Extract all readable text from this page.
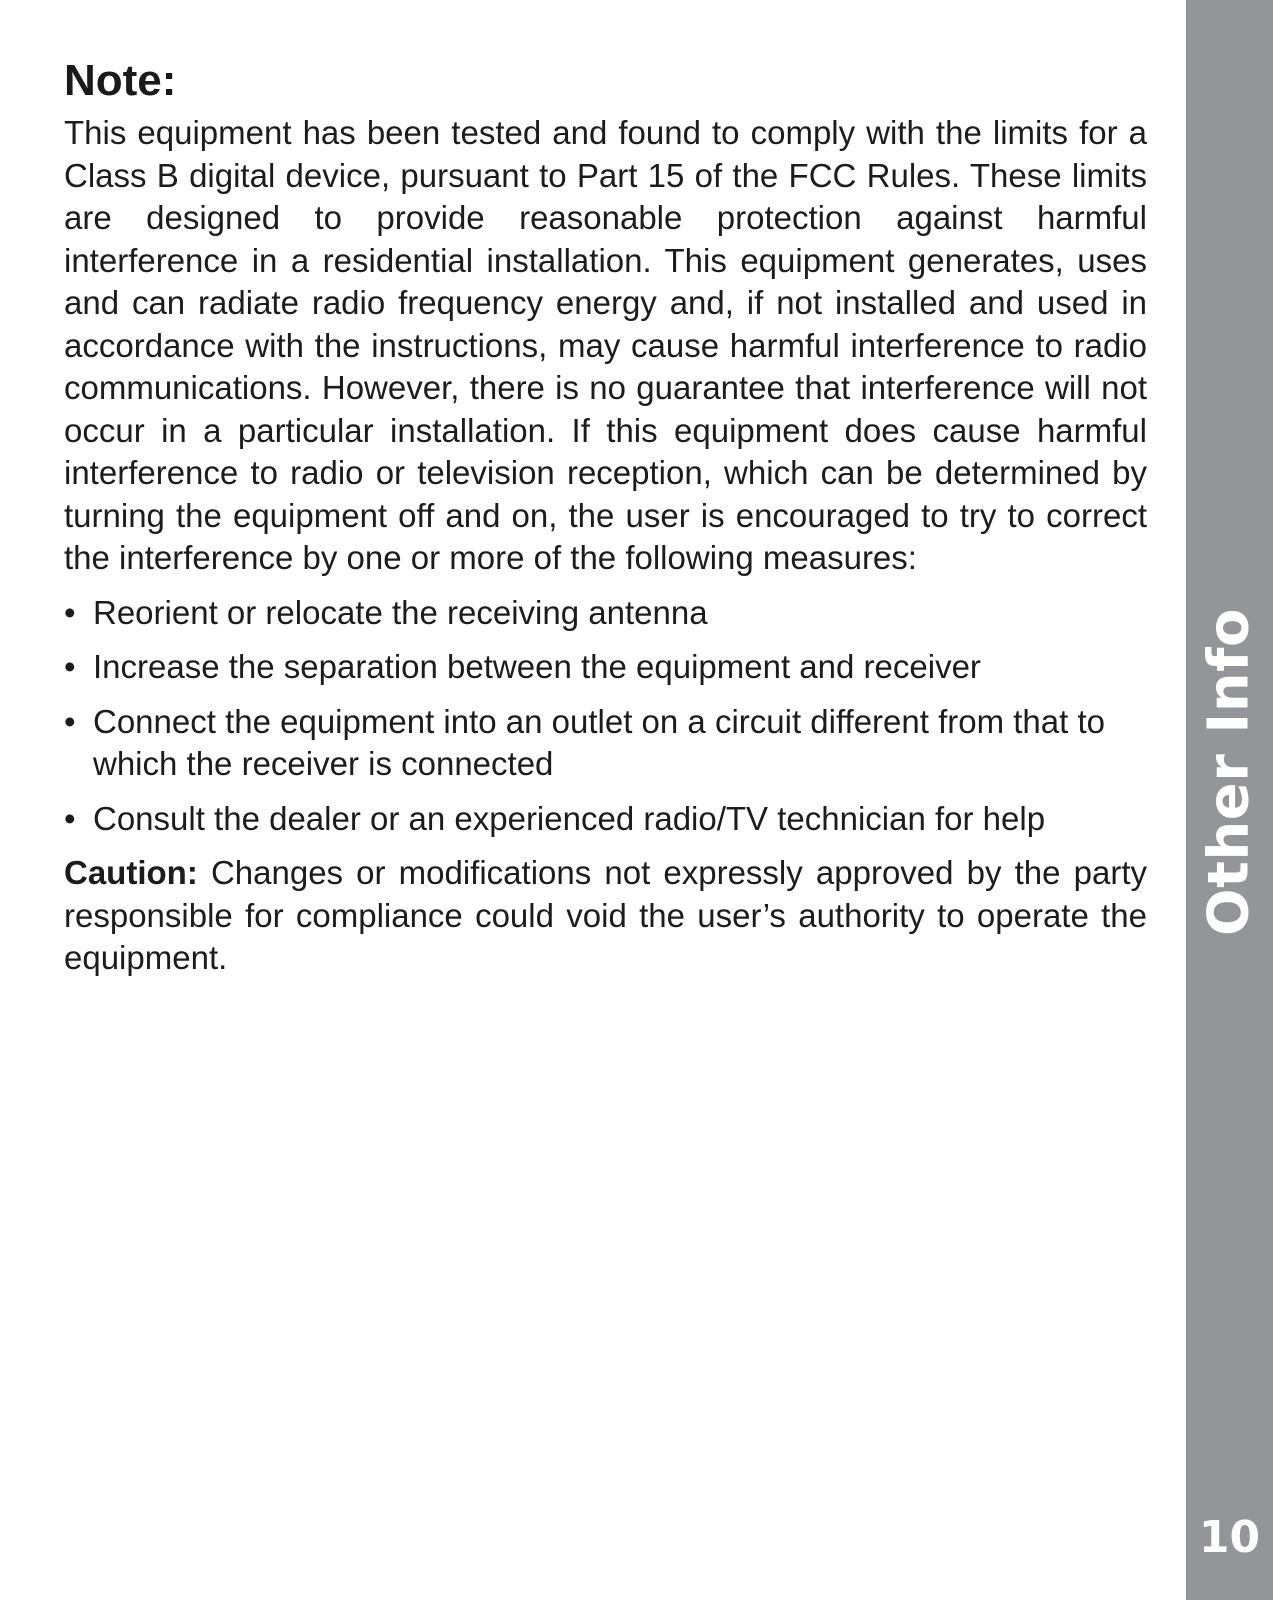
Note:

This equipment has been tested and found to comply with the limits for a Class B digital device, pursuant to Part 15 of the FCC Rules. These limits are designed to provide reasonable protection against harmful interference in a residential installation. This equipment generates, uses and can radiate radio frequency energy and, if not installed and used in accordance with the instructions, may cause harmful interference to radio communications. However, there is no guarantee that interference will not occur in a particular installation. If this equipment does cause harmful interference to radio or television reception, which can be determined by turning the equipment off and on, the user is encouraged to try to correct the interference by one or more of the following measures:

• Reorient or relocate the receiving antenna
• Increase the separation between the equipment and receiver
• Connect the equipment into an outlet on a circuit different from that to which the receiver is connected
• Consult the dealer or an experienced radio/TV technician for help

Caution: Changes or modifications not expressly approved by the party responsible for compliance could void the user’s authority to operate the equipment.

Other Info
10
